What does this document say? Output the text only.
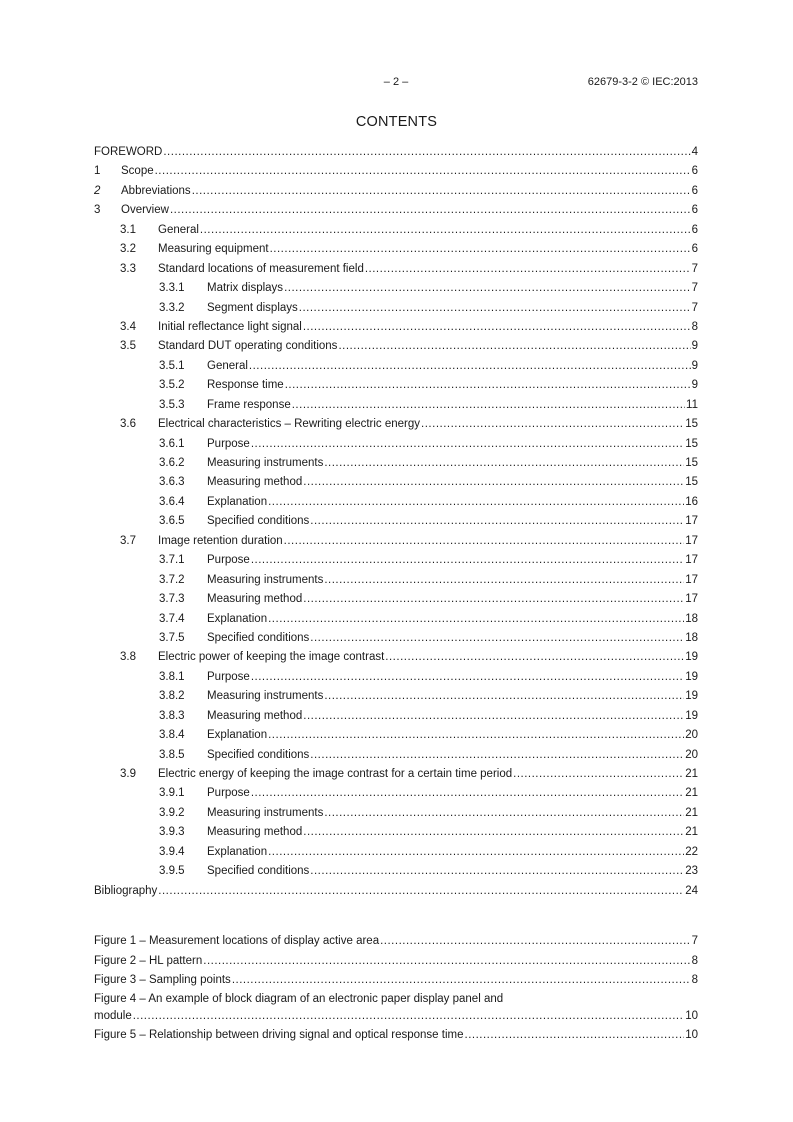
– 2 –	62679-3-2 © IEC:2013
CONTENTS
FOREWORD .....	4
1	Scope .....	6
2	Abbreviations .....	6
3	Overview .....	6
3.1	General .....	6
3.2	Measuring equipment .....	6
3.3	Standard locations of measurement field .....	7
3.3.1	Matrix displays .....	7
3.3.2	Segment displays .....	7
3.4	Initial reflectance light signal .....	8
3.5	Standard DUT operating conditions .....	9
3.5.1	General .....	9
3.5.2	Response time .....	9
3.5.3	Frame response .....	11
3.6	Electrical characteristics – Rewriting electric energy .....	15
3.6.1	Purpose .....	15
3.6.2	Measuring instruments .....	15
3.6.3	Measuring method .....	15
3.6.4	Explanation .....	16
3.6.5	Specified conditions .....	17
3.7	Image retention duration .....	17
3.7.1	Purpose .....	17
3.7.2	Measuring instruments .....	17
3.7.3	Measuring method .....	17
3.7.4	Explanation .....	18
3.7.5	Specified conditions .....	18
3.8	Electric power of keeping the image contrast .....	19
3.8.1	Purpose .....	19
3.8.2	Measuring instruments .....	19
3.8.3	Measuring method .....	19
3.8.4	Explanation .....	20
3.8.5	Specified conditions .....	20
3.9	Electric energy of keeping the image contrast for a certain time period .....	21
3.9.1	Purpose .....	21
3.9.2	Measuring instruments .....	21
3.9.3	Measuring method .....	21
3.9.4	Explanation .....	22
3.9.5	Specified conditions .....	23
Bibliography .....	24
Figure 1 – Measurement locations of display active area .....	7
Figure 2 – HL pattern .....	8
Figure 3 – Sampling points .....	8
Figure 4 – An example of block diagram of an electronic paper display panel and
module .....	10
Figure 5 – Relationship between driving signal and optical response time .....	10
